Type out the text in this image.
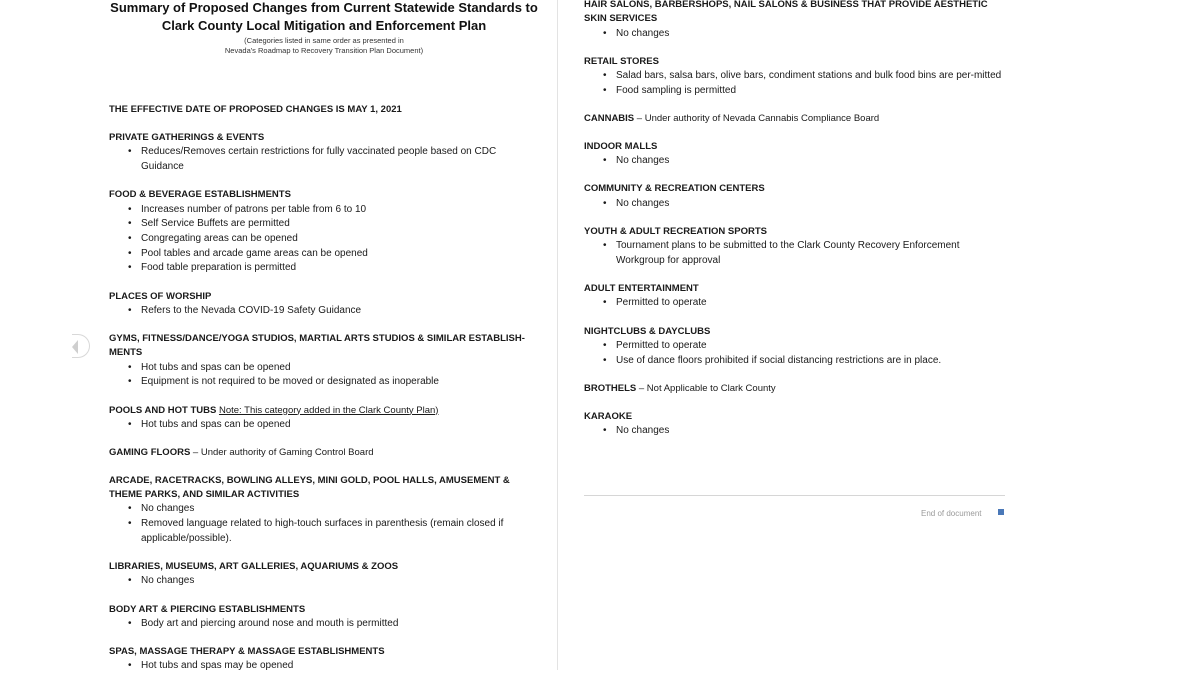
Summary of Proposed Changes from Current Statewide Standards to
Clark County Local Mitigation and Enforcement Plan
(Categories listed in same order as presented in
Nevada's Roadmap to Recovery Transition Plan Document)
THE EFFECTIVE DATE OF PROPOSED CHANGES IS MAY 1, 2021
PRIVATE GATHERINGS & EVENTS
• Reduces/Removes certain restrictions for fully vaccinated people based on CDC Guidance
FOOD & BEVERAGE ESTABLISHMENTS
• Increases number of patrons per table from 6 to 10
• Self Service Buffets are permitted
• Congregating areas can be opened
• Pool tables and arcade game areas can be opened
• Food table preparation is permitted
PLACES OF WORSHIP
• Refers to the Nevada COVID-19 Safety Guidance
GYMS, FITNESS/DANCE/YOGA STUDIOS, MARTIAL ARTS STUDIOS & SIMILAR ESTABLISH-MENTS
• Hot tubs and spas can be opened
• Equipment is not required to be moved or designated as inoperable
POOLS AND HOT TUBS Note: This category added in the Clark County Plan)
• Hot tubs and spas can be opened
GAMING FLOORS – Under authority of Gaming Control Board
ARCADE, RACETRACKS, BOWLING ALLEYS, MINI GOLD, POOL HALLS, AMUSEMENT & THEME PARKS, AND SIMILAR ACTIVITIES
• No changes
• Removed language related to high-touch surfaces in parenthesis (remain closed if applicable/possible).
LIBRARIES, MUSEUMS, ART GALLERIES, AQUARIUMS & ZOOS
• No changes
BODY ART & PIERCING ESTABLISHMENTS
• Body art and piercing around nose and mouth is permitted
SPAS, MASSAGE THERAPY & MASSAGE ESTABLISHMENTS
• Hot tubs and spas may be opened
HAIR SALONS, BARBERSHOPS, NAIL SALONS & BUSINESS THAT PROVIDE AESTHETIC SKIN SERVICES
• No changes
RETAIL STORES
• Salad bars, salsa bars, olive bars, condiment stations and bulk food bins are per-mitted
• Food sampling is permitted
CANNABIS – Under authority of Nevada Cannabis Compliance Board
INDOOR MALLS
• No changes
COMMUNITY & RECREATION CENTERS
• No changes
YOUTH & ADULT RECREATION SPORTS
• Tournament plans to be submitted to the Clark County Recovery Enforcement Workgroup for approval
ADULT ENTERTAINMENT
• Permitted to operate
NIGHTCLUBS & DAYCLUBS
• Permitted to operate
• Use of dance floors prohibited if social distancing restrictions are in place.
BROTHELS – Not Applicable to Clark County
KARAOKE
• No changes
End of document
